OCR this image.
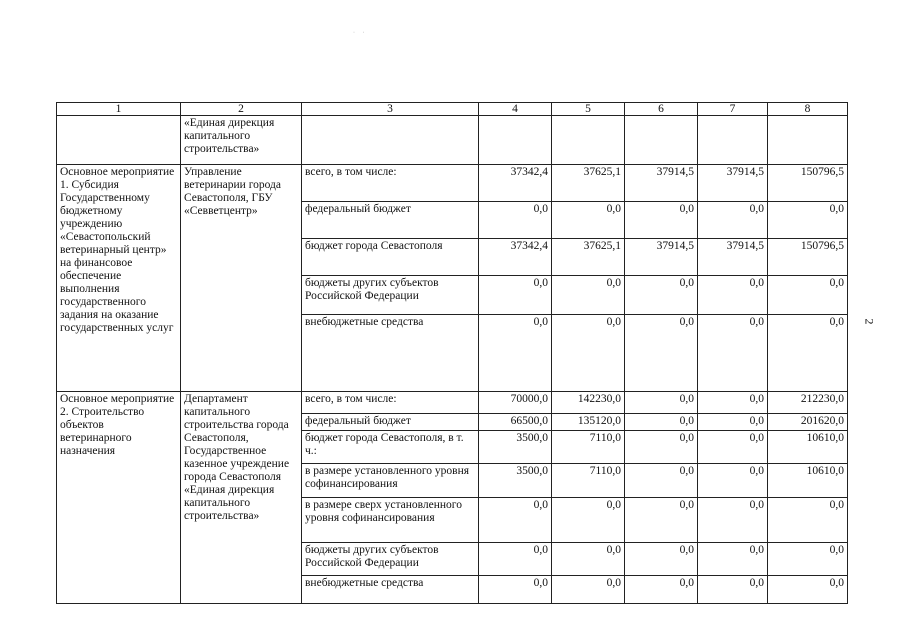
· ·
2
1	2	3	4	5	6	7	8
	«Единая дирекция капитального строительства»						
Основное мероприятие 1. Субсидия Государственному бюджетному учреждению «Севастопольский ветеринарный центр» на финансовое обеспечение выполнения государственного задания на оказание государственных услуг	Управление ветеринарии города Севастополя, ГБУ «Севветцентр»	всего, в том числе:	37342,4	37625,1	37914,5	37914,5	150796,5
		федеральный бюджет	0,0	0,0	0,0	0,0	0,0
		бюджет города Севастополя	37342,4	37625,1	37914,5	37914,5	150796,5
		бюджеты других субъектов Российской Федерации	0,0	0,0	0,0	0,0	0,0
		внебюджетные средства	0,0	0,0	0,0	0,0	0,0
Основное мероприятие 2. Строительство объектов ветеринарного назначения	Департамент капитального строительства города Севастополя, Государственное казенное учреждение города Севастополя «Единая дирекция капитального строительства»	всего, в том числе:	70000,0	142230,0	0,0	0,0	212230,0
		федеральный бюджет	66500,0	135120,0	0,0	0,0	201620,0
		бюджет города Севастополя, в т. ч.:	3500,0	7110,0	0,0	0,0	10610,0
		в размере установленного уровня софинансирования	3500,0	7110,0	0,0	0,0	10610,0
		в размере сверх установленного уровня софинансирования	0,0	0,0	0,0	0,0	0,0
		бюджеты других субъектов Российской Федерации	0,0	0,0	0,0	0,0	0,0
		внебюджетные средства	0,0	0,0	0,0	0,0	0,0
